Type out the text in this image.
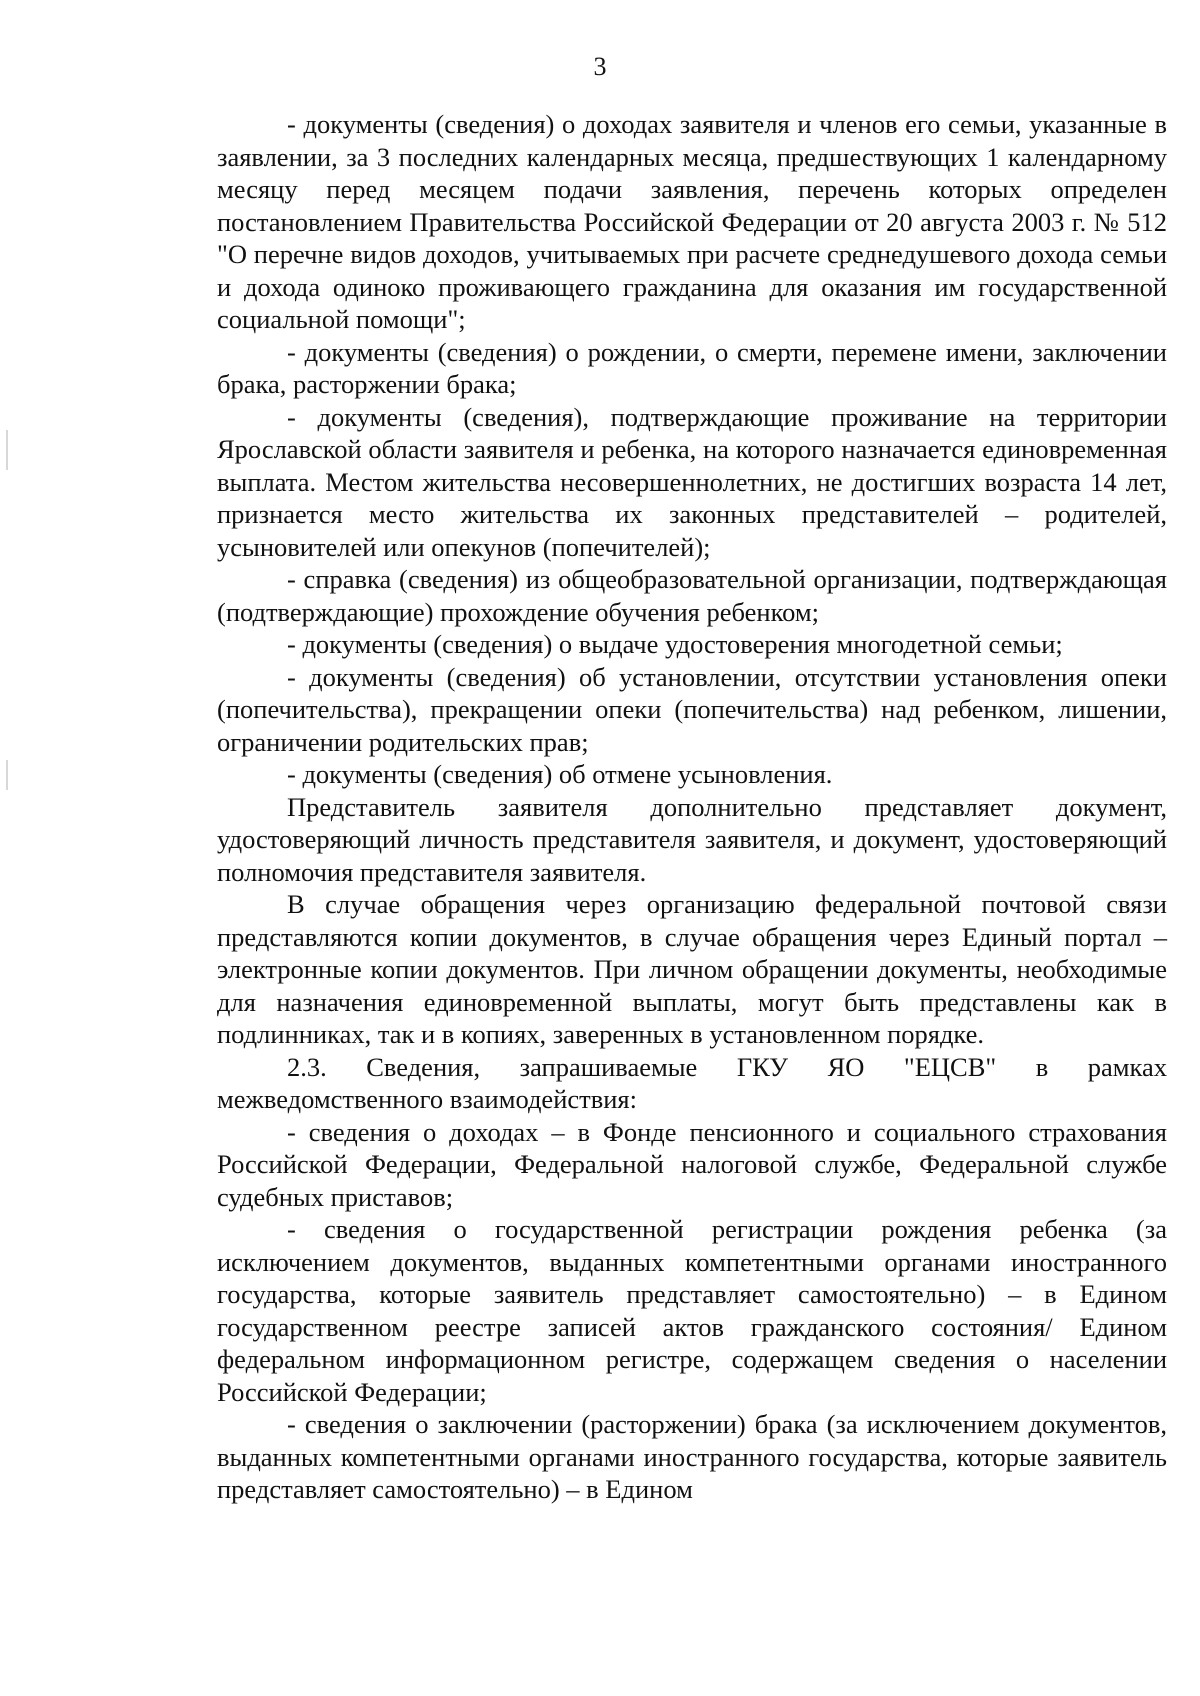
3

- документы (сведения) о доходах заявителя и членов его семьи, указанные в заявлении, за 3 последних календарных месяца, предшествующих 1 календарному месяцу перед месяцем подачи заявления, перечень которых определен постановлением Правительства Российской Федерации от 20 августа 2003 г. № 512 "О перечне видов доходов, учитываемых при расчете среднедушевого дохода семьи и дохода одиноко проживающего гражданина для оказания им государственной социальной помощи";

- документы (сведения) о рождении, о смерти, перемене имени, заключении брака, расторжении брака;

- документы (сведения), подтверждающие проживание на территории Ярославской области заявителя и ребенка, на которого назначается единовременная выплата. Местом жительства несовершеннолетних, не достигших возраста 14 лет, признается место жительства их законных представителей – родителей, усыновителей или опекунов (попечителей);

- справка (сведения) из общеобразовательной организации, подтверждающая (подтверждающие) прохождение обучения ребенком;

- документы (сведения) о выдаче удостоверения многодетной семьи;

- документы (сведения) об установлении, отсутствии установления опеки (попечительства), прекращении опеки (попечительства) над ребенком, лишении, ограничении родительских прав;

- документы (сведения) об отмене усыновления.

Представитель заявителя дополнительно представляет документ, удостоверяющий личность представителя заявителя, и документ, удостоверяющий полномочия представителя заявителя.

В случае обращения через организацию федеральной почтовой связи представляются копии документов, в случае обращения через Единый портал – электронные копии документов. При личном обращении документы, необходимые для назначения единовременной выплаты, могут быть представлены как в подлинниках, так и в копиях, заверенных в установленном порядке.

2.3. Сведения, запрашиваемые ГКУ ЯО "ЕЦСВ" в рамках межведомственного взаимодействия:

- сведения о доходах – в Фонде пенсионного и социального страхования Российской Федерации, Федеральной налоговой службе, Федеральной службе судебных приставов;

- сведения о государственной регистрации рождения ребенка (за исключением документов, выданных компетентными органами иностранного государства, которые заявитель представляет самостоятельно) – в Едином государственном реестре записей актов гражданского состояния/ Едином федеральном информационном регистре, содержащем сведения о населении Российской Федерации;

- сведения о заключении (расторжении) брака (за исключением документов, выданных компетентными органами иностранного государства, которые заявитель представляет самостоятельно) – в Едином
